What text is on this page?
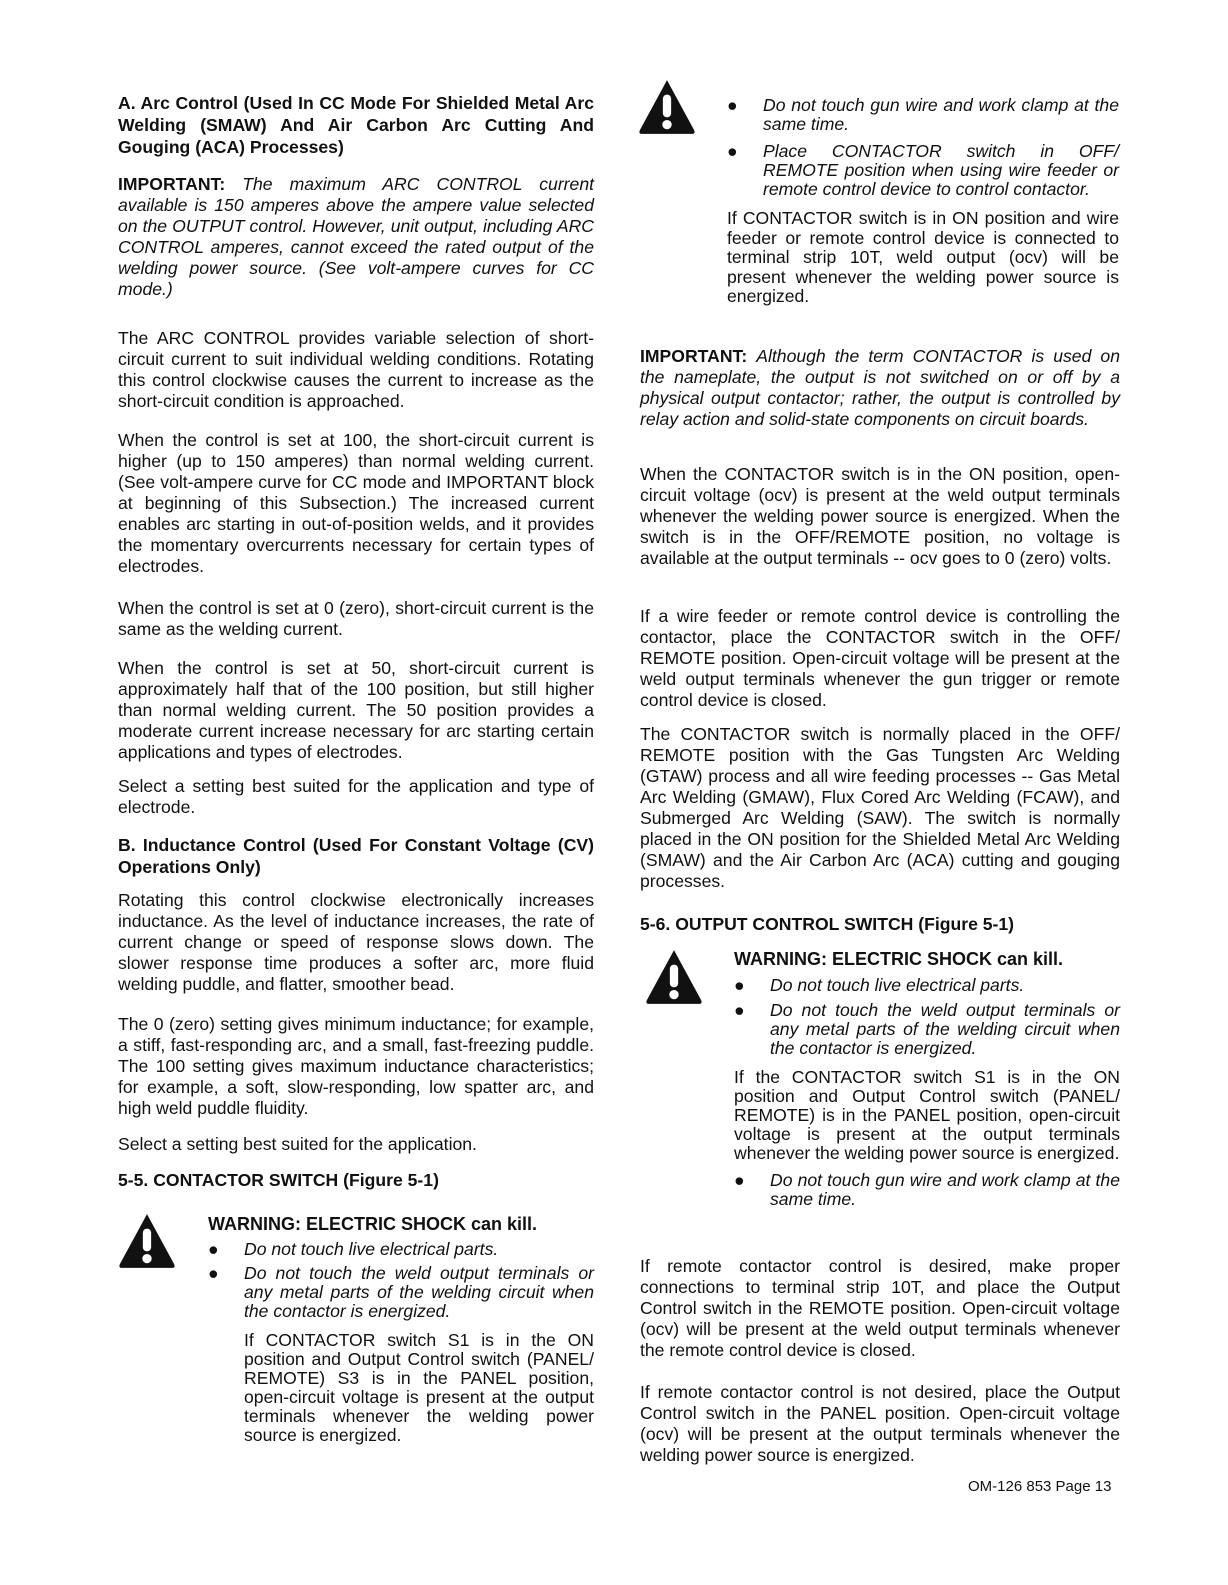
A. Arc Control (Used In CC Mode For Shielded Metal Arc Welding (SMAW) And Air Carbon Arc Cutting And Gouging (ACA) Processes)

IMPORTANT: The maximum ARC CONTROL current available is 150 amperes above the ampere value selected on the OUTPUT control. However, unit output, including ARC CONTROL amperes, cannot exceed the rated output of the welding power source. (See volt-ampere curves for CC mode.)

The ARC CONTROL provides variable selection of short-circuit current to suit individual welding conditions. Rotating this control clockwise causes the current to increase as the short-circuit condition is approached.

When the control is set at 100, the short-circuit current is higher (up to 150 amperes) than normal welding current. (See volt-ampere curve for CC mode and IMPORTANT block at beginning of this Subsection.) The increased current enables arc starting in out-of-position welds, and it provides the momentary overcurrents necessary for certain types of electrodes.

When the control is set at 0 (zero), short-circuit current is the same as the welding current.

When the control is set at 50, short-circuit current is approximately half that of the 100 position, but still higher than normal welding current. The 50 position provides a moderate current increase necessary for arc starting certain applications and types of electrodes.

Select a setting best suited for the application and type of electrode.

B. Inductance Control (Used For Constant Voltage (CV) Operations Only)

Rotating this control clockwise electronically increases inductance. As the level of inductance increases, the rate of current change or speed of response slows down. The slower response time produces a softer arc, more fluid welding puddle, and flatter, smoother bead.

The 0 (zero) setting gives minimum inductance; for example, a stiff, fast-responding arc, and a small, fast-freezing puddle. The 100 setting gives maximum inductance characteristics; for example, a soft, slow-responding, low spatter arc, and high weld puddle fluidity.

Select a setting best suited for the application.

5-5. CONTACTOR SWITCH (Figure 5-1)

WARNING: ELECTRIC SHOCK can kill.

● Do not touch live electrical parts.

● Do not touch the weld output terminals or any metal parts of the welding circuit when the contactor is energized.

If CONTACTOR switch S1 is in the ON position and Output Control switch (PANEL/ REMOTE) S3 is in the PANEL position, open-circuit voltage is present at the output terminals whenever the welding power source is energized.

● Do not touch gun wire and work clamp at the same time.

● Place CONTACTOR switch in OFF/ REMOTE position when using wire feeder or remote control device to control contactor.

If CONTACTOR switch is in ON position and wire feeder or remote control device is connected to terminal strip 10T, weld output (ocv) will be present whenever the welding power source is energized.

IMPORTANT: Although the term CONTACTOR is used on the nameplate, the output is not switched on or off by a physical output contactor; rather, the output is controlled by relay action and solid-state components on circuit boards.

When the CONTACTOR switch is in the ON position, open-circuit voltage (ocv) is present at the weld output terminals whenever the welding power source is energized. When the switch is in the OFF/REMOTE position, no voltage is available at the output terminals -- ocv goes to 0 (zero) volts.

If a wire feeder or remote control device is controlling the contactor, place the CONTACTOR switch in the OFF/ REMOTE position. Open-circuit voltage will be present at the weld output terminals whenever the gun trigger or remote control device is closed.

The CONTACTOR switch is normally placed in the OFF/ REMOTE position with the Gas Tungsten Arc Welding (GTAW) process and all wire feeding processes -- Gas Metal Arc Welding (GMAW), Flux Cored Arc Welding (FCAW), and Submerged Arc Welding (SAW). The switch is normally placed in the ON position for the Shielded Metal Arc Welding (SMAW) and the Air Carbon Arc (ACA) cutting and gouging processes.

5-6. OUTPUT CONTROL SWITCH (Figure 5-1)

If remote contactor control is desired, make proper connections to terminal strip 10T, and place the Output Control switch in the REMOTE position. Open-circuit voltage (ocv) will be present at the weld output terminals whenever the remote control device is closed.

If remote contactor control is not desired, place the Output Control switch in the PANEL position. Open-circuit voltage (ocv) will be present at the output terminals whenever the welding power source is energized.

WARNING: ELECTRIC SHOCK can kill.

● Do not touch live electrical parts.

● Do not touch the weld output terminals or any metal parts of the welding circuit when the contactor is energized.

If the CONTACTOR switch S1 is in the ON position and Output Control switch (PANEL/ REMOTE) is in the PANEL position, open-circuit voltage is present at the output terminals whenever the welding power source is energized.

● Do not touch gun wire and work clamp at the same time.

OM-126 853 Page 13
